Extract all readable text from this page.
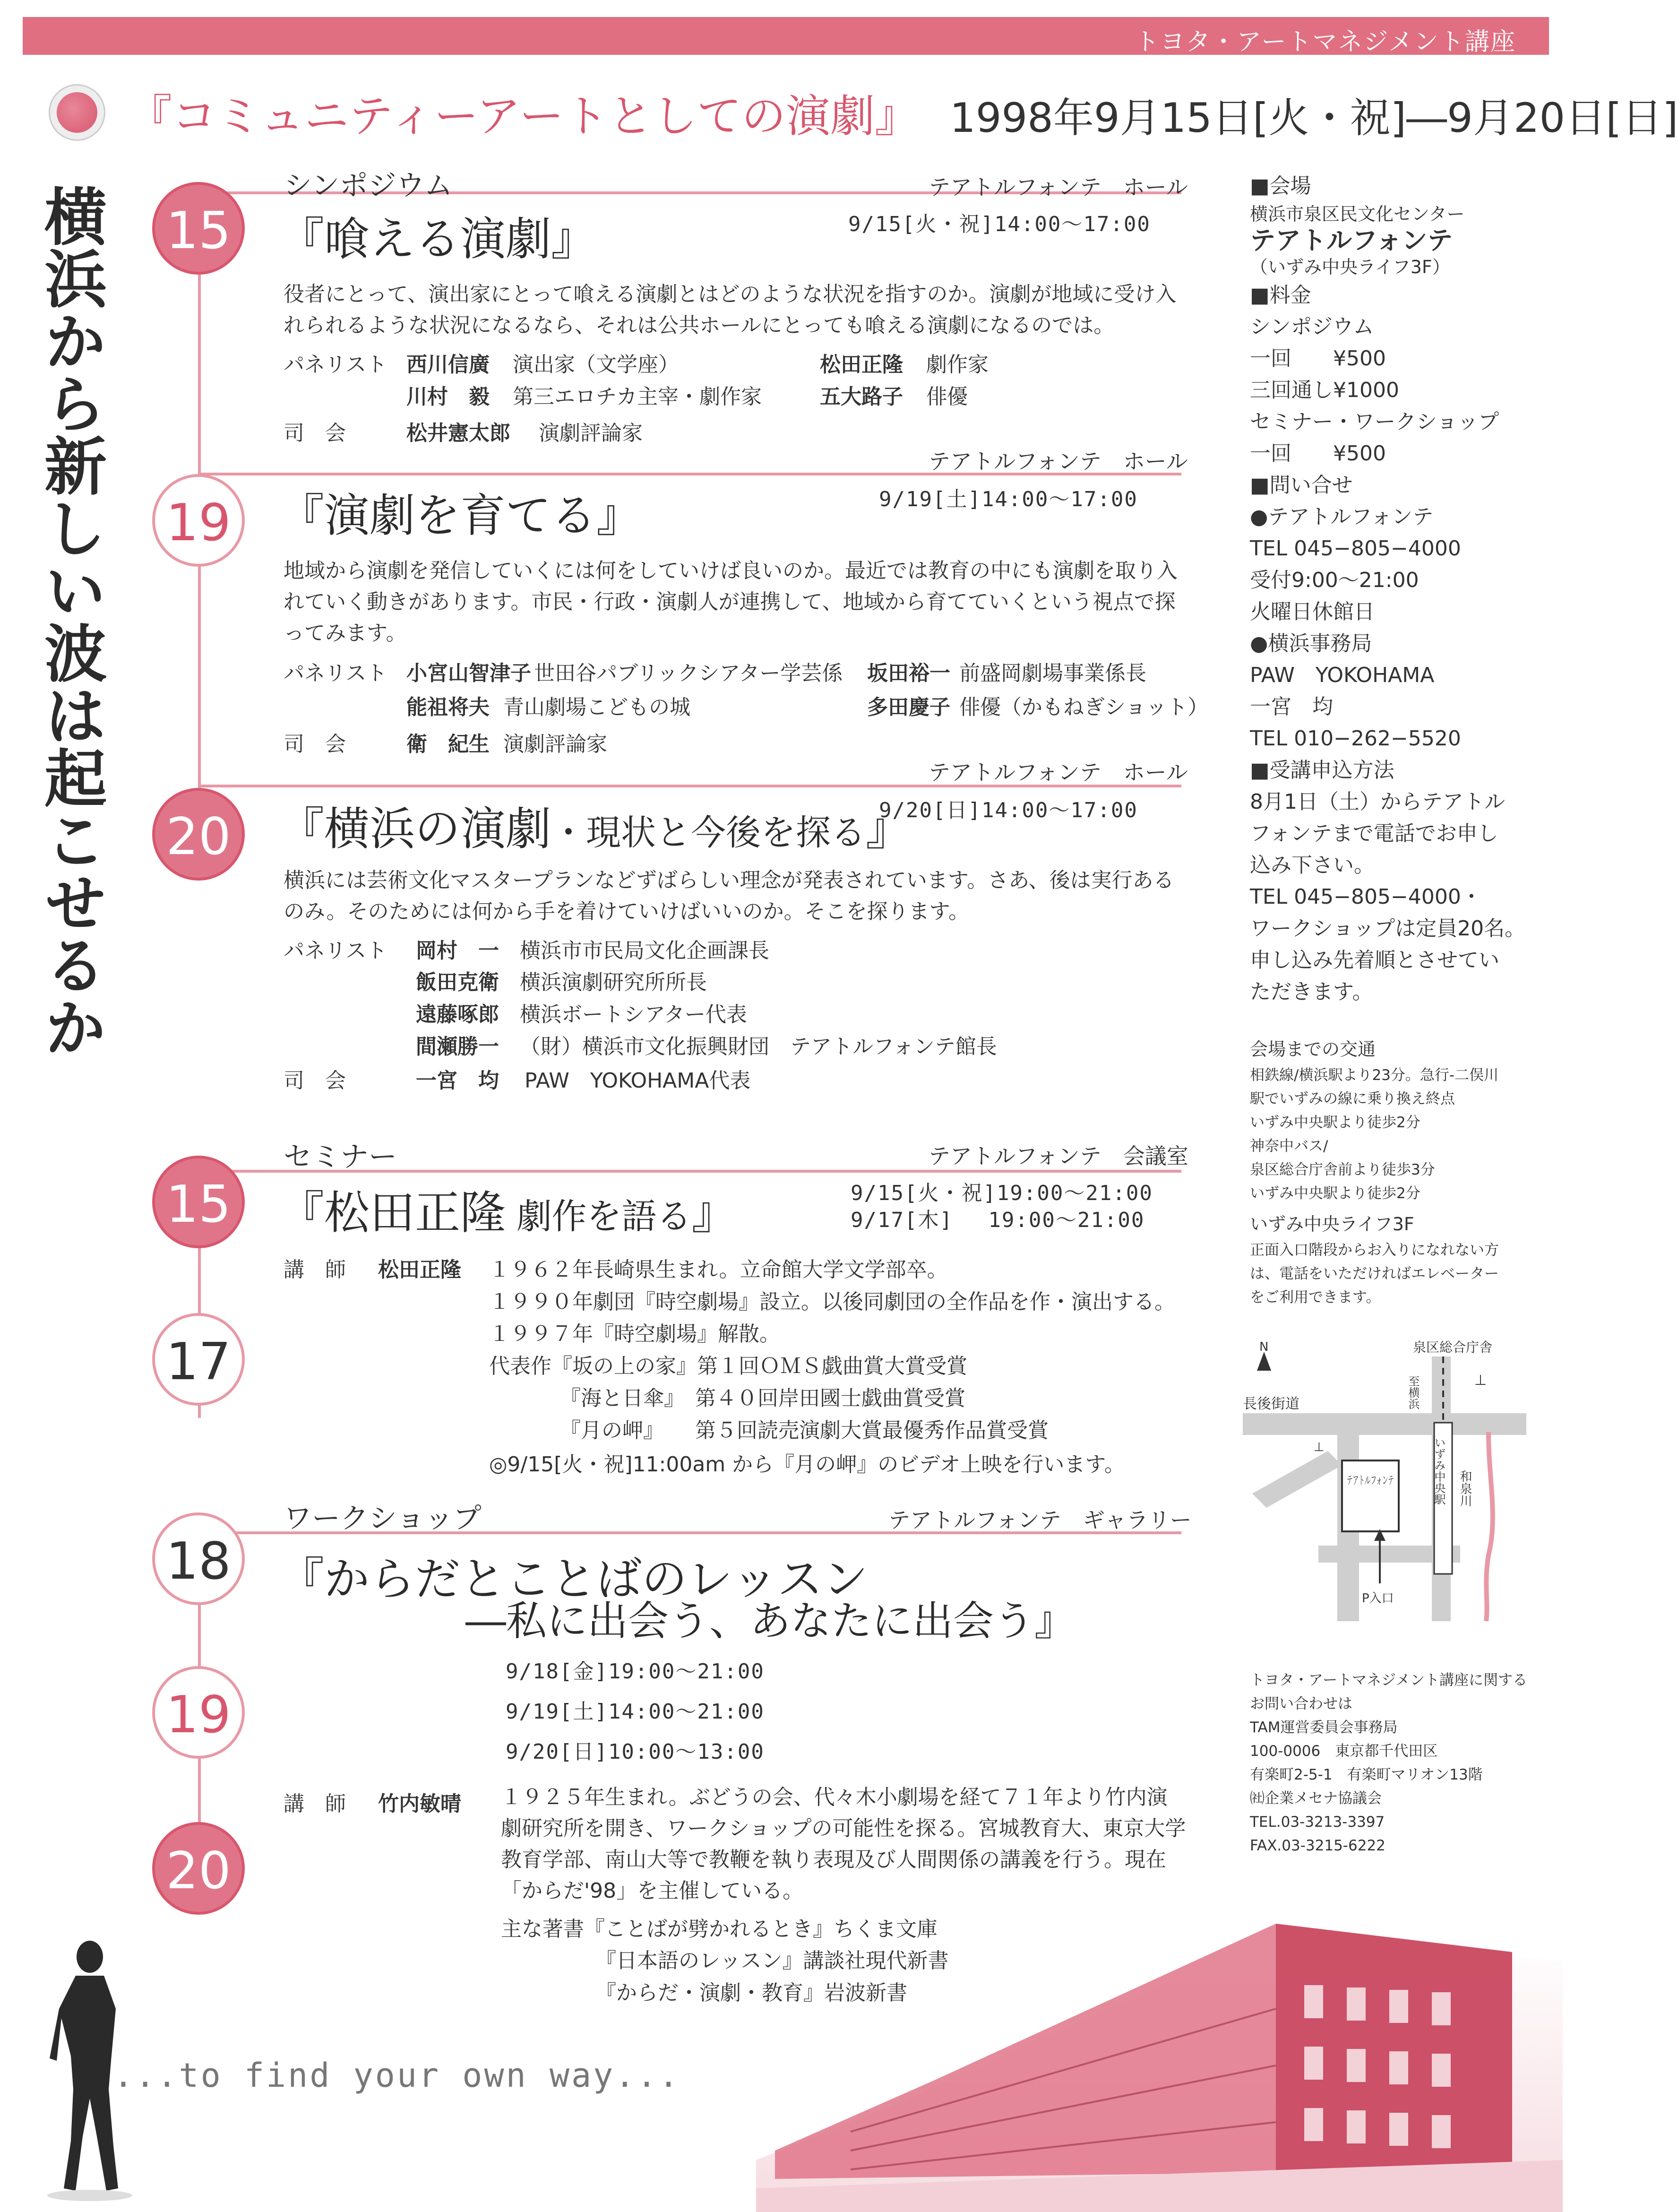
トヨタ・アートマネジメント講座
『コミュニティーアートとしての演劇』 1998年9月15日[火・祝]―9月20日[日]
横浜から新しい波は起こせるか 15
19
20
15
17
18
19
20
シンポジウム	テアトルフォンテ　ホール
9/15[火・祝]14:00〜17:00
『喰える演劇』
役者にとって、演出家にとって喰える演劇とはどのような状況を指すのか。演劇が地域に受け入れられるような状況になるなら、それは公共ホールにとっても喰える演劇になるのでは。
パネリスト 西川信廣 演出家（文学座）	松田正隆 劇作家
川村　毅 第三エロチカ主宰・劇作家	五大路子 俳優
司　会	松井憲太郎 演劇評論家
テアトルフォンテ　ホール
9/19[土]14:00〜17:00
『演劇を育てる』
地域から演劇を発信していくには何をしていけば良いのか。最近では教育の中にも演劇を取り入れていく動きがあります。市民・行政・演劇人が連携して、地域から育てていくという視点で探ってみます。
パネリスト 小宮山智津子 世田谷パブリックシアター学芸係 坂田裕一 前盛岡劇場事業係長
能祖将夫 青山劇場こどもの城	多田慶子 俳優（かもねぎショット）
司　会	衛　紀生 演劇評論家
テアトルフォンテ　ホール
9/20[日]14:00〜17:00
『横浜の演劇・現状と今後を探る』
横浜には芸術文化マスタープランなどずばらしい理念が発表されています。さあ、後は実行あるのみ。そのためには何から手を着けていけばいいのか。そこを探ります。
パネリスト 岡村　一 横浜市市民局文化企画課長
飯田克衛 横浜演劇研究所所長
遠藤啄郎 横浜ボートシアター代表
間瀬勝一 （財）横浜市文化振興財団　テアトルフォンテ館長
司　会	一宮　均 PAW　YOKOHAMA代表
セミナー	テアトルフォンテ　会議室
9/15[火・祝]19:00〜21:00
9/17[木]　 19:00〜21:00
『松田正隆 劇作を語る』
講　師 松田正隆 １９６２年長崎県生まれ。立命館大学文学部卒。
１９９０年劇団『時空劇場』設立。以後同劇団の全作品を作・演出する。
１９９７年『時空劇場』解散。
代表作『坂の上の家』第１回ＯＭＳ戯曲賞大賞受賞
『海と日傘』　第４０回岸田國士戯曲賞受賞
『月の岬』　　第５回読売演劇大賞最優秀作品賞受賞
◎9/15[火・祝]11:00am から『月の岬』のビデオ上映を行います。
ワークショップ	テアトルフォンテ　ギャラリー
『からだとことばのレッスン
―私に出会う、あなたに出会う』
9/18[金]19:00〜21:00
9/19[土]14:00〜21:00
9/20[日]10:00〜13:00
講　師 竹内敏晴 １９２５年生まれ。ぶどうの会、代々木小劇場を経て７１年より竹内演劇研究所を開き、ワークショップの可能性を探る。宮城教育大、東京大学教育学部、南山大等で教鞭を執り表現及び人間関係の講義を行う。現在「からだ'98」を主催している。
主な著書『ことばが劈かれるとき』ちくま文庫
『日本語のレッスン』講談社現代新書
『からだ・演劇・教育』岩波新書

■会場

横浜市泉区民文化センター

テアトルフォンテ

（いずみ中央ライフ3F）

■料金

シンポジウム

一回　　¥500

三回通し¥1000

セミナー・ワークショップ

一回　　¥500

■問い合せ

●テアトルフォンテ

TEL 045−805−4000

受付9:00〜21:00

火曜日休館日

●横浜事務局

PAW　YOKOHAMA

一宮　均

TEL 010−262−5520

■受講申込方法

8月1日（土）からテアトル

フォンテまで電話でお申し

込み下さい。

TEL 045−805−4000・

ワークショップは定員20名。

申し込み先着順とさせてい

ただきます。

会場までの交通
相鉄線/横浜駅より23分。急行-二俣川
駅でいずみの線に乗り換え終点
いずみ中央駅より徒歩2分
神奈中バス/
泉区総合庁舎前より徒歩3分
いずみ中央駅より徒歩2分
いずみ中央ライフ3F
正面入口階段からお入りになれない方
は、電話をいただければエレベーター
をご利用できます。
N
長後街道
泉区総合庁舎
至横浜
和泉川
テアトルフォンテ	いずみ中央駅
P入口
⊥
⊥
トヨタ・アートマネジメント講座に関する
お問い合わせは
TAM運営委員会事務局
100-0006　東京都千代田区
有楽町2-5-1　有楽町マリオン13階
㈳企業メセナ協議会
TEL.03-3213-3397
FAX.03-3215-6222
...to find your own way...
